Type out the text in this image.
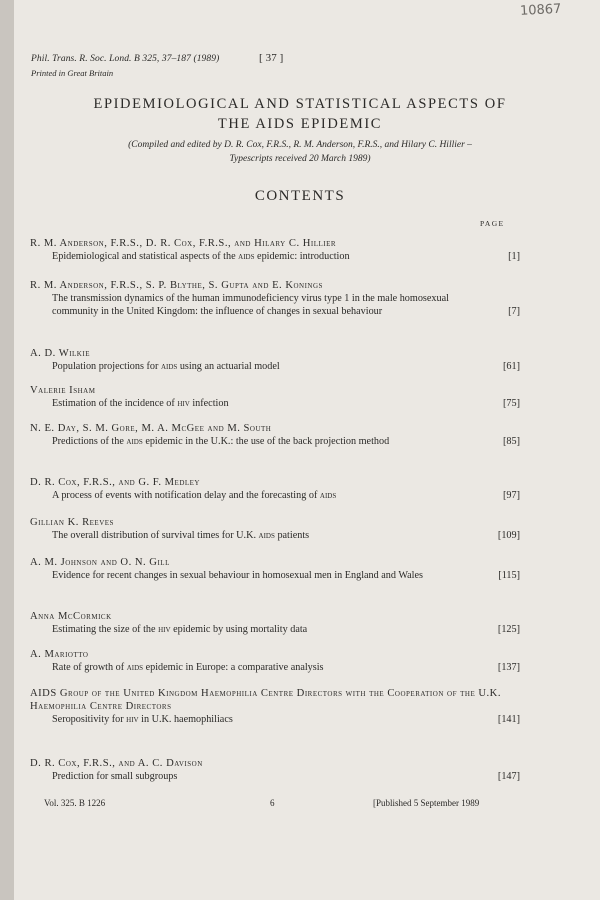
10867
Phil. Trans. R. Soc. Lond. B 325, 37–187 (1989)	[ 37 ]
Printed in Great Britain
EPIDEMIOLOGICAL AND STATISTICAL ASPECTS OF
THE AIDS EPIDEMIC
(Compiled and edited by D. R. Cox, F.R.S., R. M. Anderson, F.R.S., and Hilary C. Hillier –
Typescripts received 20 March 1989)
CONTENTS
PAGE
R. M. Anderson, F.R.S., D. R. Cox, F.R.S., and Hilary C. Hillier
Epidemiological and statistical aspects of the aids epidemic: introduction	[1]
R. M. Anderson, F.R.S., S. P. Blythe, S. Gupta and E. Konings
The transmission dynamics of the human immunodeficiency virus type 1 in the male homosexual community in the United Kingdom: the influence of changes in sexual behaviour	[7]
A. D. Wilkie
Population projections for aids using an actuarial model	[61]
Valerie Isham
Estimation of the incidence of hiv infection	[75]
N. E. Day, S. M. Gore, M. A. McGee and M. South
Predictions of the aids epidemic in the U.K.: the use of the back projection method	[85]
D. R. Cox, F.R.S., and G. F. Medley
A process of events with notification delay and the forecasting of aids	[97]
Gillian K. Reeves
The overall distribution of survival times for U.K. aids patients	[109]
A. M. Johnson and O. N. Gill
Evidence for recent changes in sexual behaviour in homosexual men in England and Wales	[115]
Anna McCormick
Estimating the size of the hiv epidemic by using mortality data	[125]
A. Mariotto
Rate of growth of aids epidemic in Europe: a comparative analysis	[137]
AIDS Group of the United Kingdom Haemophilia Centre Directors with the Cooperation of the U.K. Haemophilia Centre Directors
Seropositivity for hiv in U.K. haemophiliacs	[141]
D. R. Cox, F.R.S., and A. C. Davison
Prediction for small subgroups	[147]
Vol. 325. B 1226	6	[Published 5 September 1989
